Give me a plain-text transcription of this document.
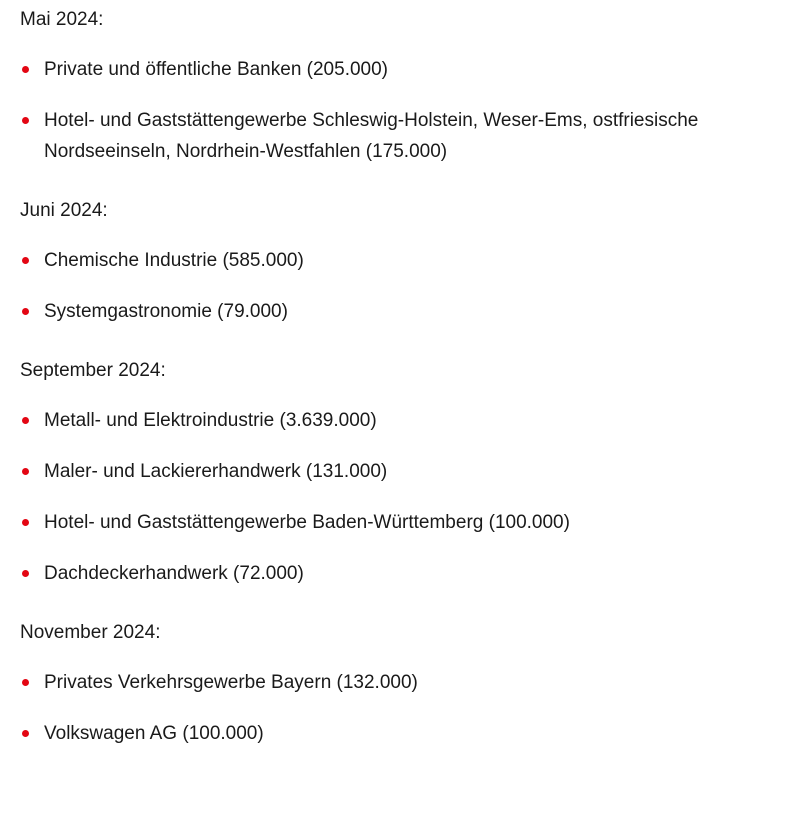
Mai 2024:
Private und öffentliche Banken (205.000)
Hotel- und Gaststättengewerbe Schleswig-Holstein, Weser-Ems, ostfriesische Nordseeinseln, Nordrhein-Westfahlen (175.000)
Juni 2024:
Chemische Industrie (585.000)
Systemgastronomie (79.000)
September 2024:
Metall- und Elektroindustrie (3.639.000)
Maler- und Lackiererhandwerk (131.000)
Hotel- und Gaststättengewerbe Baden-Württemberg (100.000)
Dachdeckerhandwerk (72.000)
November 2024:
Privates Verkehrsgewerbe Bayern (132.000)
Volkswagen AG (100.000)
